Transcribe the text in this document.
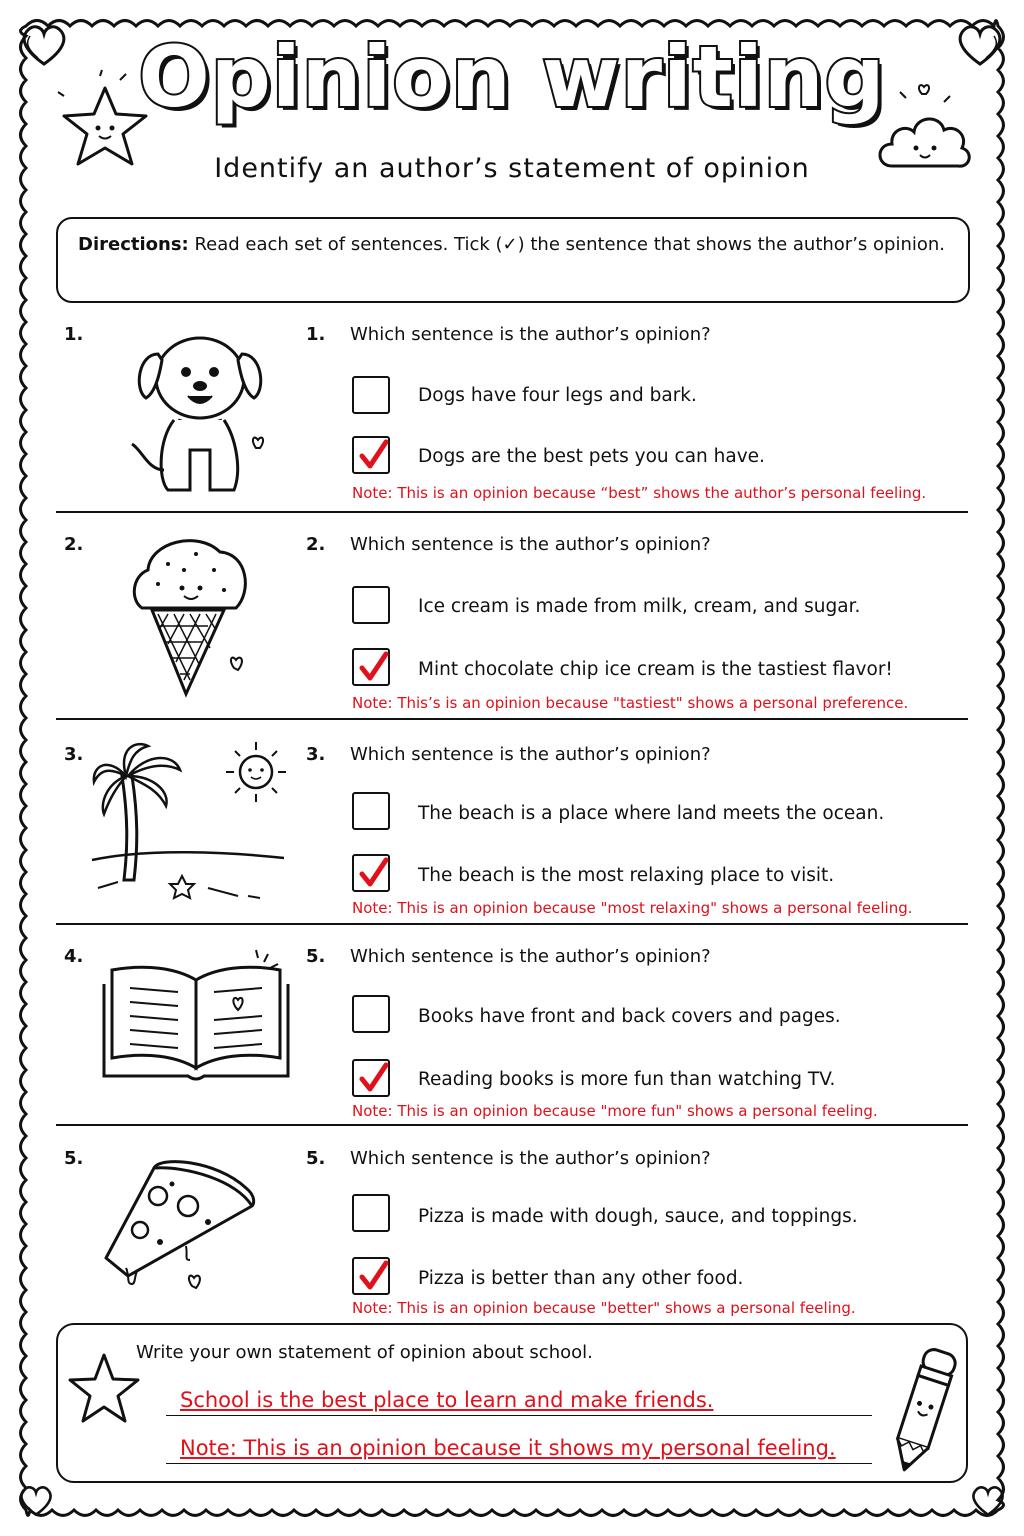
Opinion writing
Identify an author’s statement of opinion
Directions: Read each set of sentences. Tick (✓) the sentence that shows the author’s opinion.
1.	1. Which sentence is the author’s opinion?
Dogs have four legs and bark.
Dogs are the best pets you can have.
Note: This is an opinion because “best” shows the author’s personal feeling.
2.	2. Which sentence is the author’s opinion?
Ice cream is made from milk, cream, and sugar.
Mint chocolate chip ice cream is the tastiest flavor!
Note: This’s is an opinion because "tastiest" shows a personal preference.
3.	3. Which sentence is the author’s opinion?
The beach is a place where land meets the ocean.
The beach is the most relaxing place to visit.
Note: This is an opinion because "most relaxing" shows a personal feeling.
4.	5. Which sentence is the author’s opinion?
Books have front and back covers and pages.
Reading books is more fun than watching TV.
Note: This is an opinion because "more fun" shows a personal feeling.
5.	5. Which sentence is the author’s opinion?
Pizza is made with dough, sauce, and toppings.
Pizza is better than any other food.
Note: This is an opinion because "better" shows a personal feeling.
Write your own statement of opinion about school.
School is the best place to learn and make friends.
Note: This is an opinion because it shows my personal feeling.
